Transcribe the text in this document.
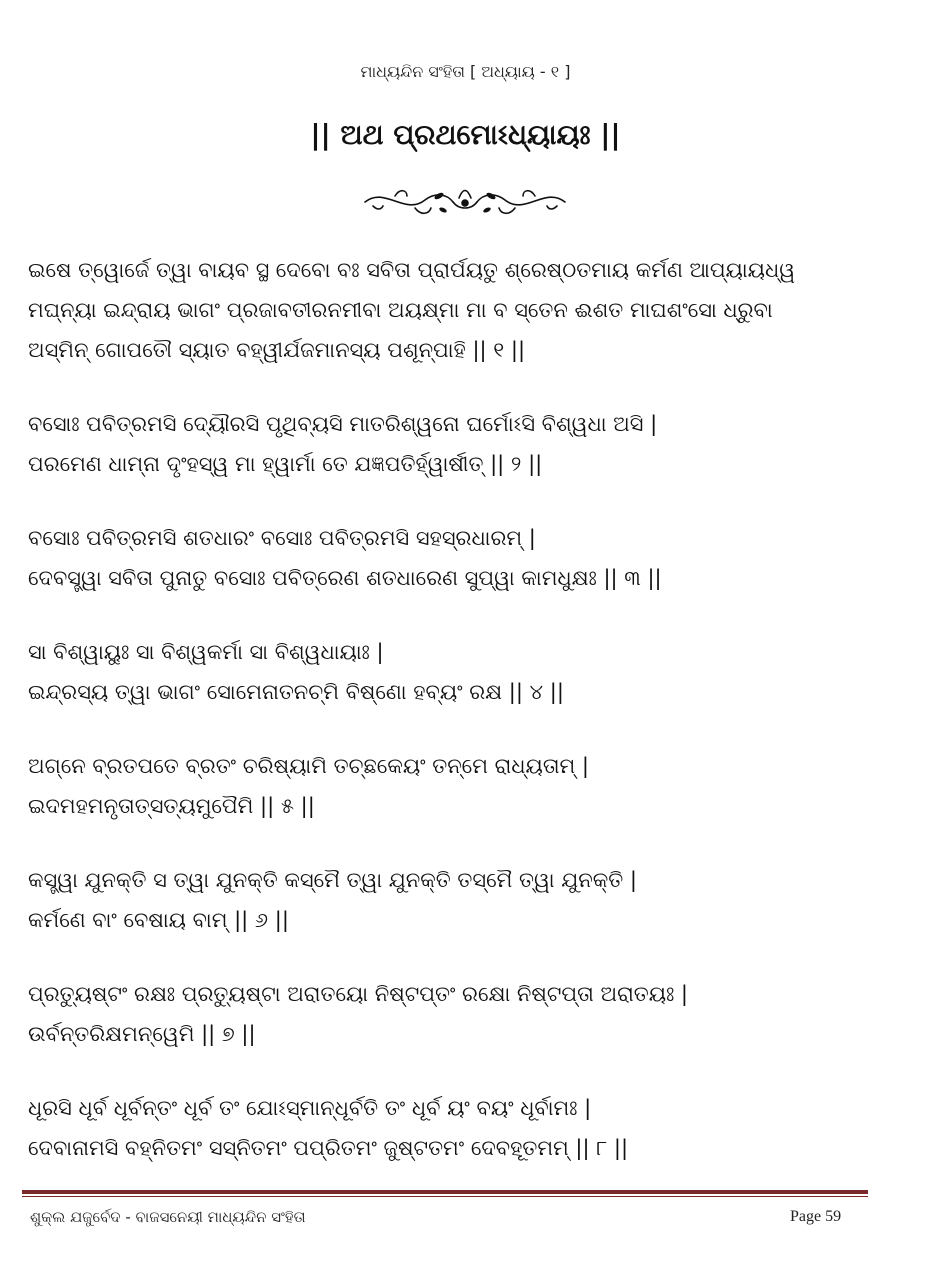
ମାଧ୍ୟନ୍ଦିନ ସଂହିତା [ ଅଧ୍ୟାୟ - ୧ ]
|| ଅଥ ପ୍ରଥମୋଽଧ୍ୟାୟଃ ||
ଇଷେ ତ୍ୱୋର୍ଜେ ତ୍ୱା ବାୟବ ସ୍ଥ ଦେବୋ ବଃ ସବିତା ପ୍ରାର୍ପୟତୁ ଶ୍ରେଷ୍ଠତମାୟ କର୍ମଣ ଆପ୍ୟାୟଧ୍ୱ
ମଘ୍ନ୍ୟା ଇନ୍ଦ୍ରାୟ ଭାଗଂ ପ୍ରଜାବତୀରନମୀବା ଅୟକ୍ଷ୍ମା ମା ବ ସ୍ତେନ ଈଶତ ମାଘଶଂସୋ ଧ୍ରୁବା
ଅସ୍ମିନ୍ ଗୋପତୌ ସ୍ୟାତ ବହ୍ୱୀର୍ଯଜମାନସ୍ୟ ପଶୂନ୍ପାହି || ୧ ||
ବସୋଃ ପବିତ୍ରମସି ଦ୍ୟୌରସି ପୃଥିବ୍ୟସି ମାତରିଶ୍ୱନୋ ଘର୍ମୋଽସି ବିଶ୍ୱଧା ଅସି |
ପରମେଣ ଧାମ୍ନା ଦୃଂହସ୍ୱ ମା ହ୍ୱାର୍ମା ତେ ଯଜ୍ଞପତିର୍ହ୍ୱାର୍ଷୀତ୍ || ୨ ||
ବସୋଃ ପବିତ୍ରମସି ଶତଧାରଂ ବସୋଃ ପବିତ୍ରମସି ସହସ୍ରଧାରମ୍ |
ଦେବସ୍ତ୍ୱା ସବିତା ପୁନାତୁ ବସୋଃ ପବିତ୍ରେଣ ଶତଧାରେଣ ସୁପ୍ୱା କାମଧୁକ୍ଷଃ || ୩ ||
ସା ବିଶ୍ୱାୟୁଃ ସା ବିଶ୍ୱକର୍ମା ସା ବିଶ୍ୱଧାୟାଃ |
ଇନ୍ଦ୍ରସ୍ୟ ତ୍ୱା ଭାଗଂ ସୋମେନାତନଚ୍ମି ବିଷ୍ଣୋ ହବ୍ୟଂ ରକ୍ଷ || ୪ ||
ଅଗ୍ନେ ବ୍ରତପତେ ବ୍ରତଂ ଚରିଷ୍ୟାମି ତଚ୍ଛକେୟଂ ତନ୍ମେ ରାଧ୍ୟତାମ୍ |
ଇଦମହମନୃତାତ୍ସତ୍ୟମୁପୈମି || ୫ ||
କସ୍ତ୍ୱା ଯୁନକ୍ତି ସ ତ୍ୱା ଯୁନକ୍ତି କସ୍ମୈ ତ୍ୱା ଯୁନକ୍ତି ତସ୍ମୈ ତ୍ୱା ଯୁନକ୍ତି |
କର୍ମଣେ ବାଂ ବେଷାୟ ବାମ୍ || ୬ ||
ପ୍ରତ୍ୟୁଷ୍ଟଂ ରକ୍ଷଃ ପ୍ରତ୍ୟୁଷ୍ଟା ଅରାତୟୋ ନିଷ୍ଟପ୍ତଂ ରକ୍ଷୋ ନିଷ୍ଟପ୍ତା ଅରାତୟଃ |
ଉର୍ବନ୍ତରିକ୍ଷମନ୍ୱେମି || ୭ ||
ଧୂରସି ଧୂର୍ବ ଧୂର୍ବନ୍ତଂ ଧୂର୍ବ ତଂ ଯୋଽସ୍ମାନ୍ଧୂର୍ବତି ତଂ ଧୂର୍ବ ୟଂ ବୟଂ ଧୂର୍ବାମଃ |
ଦେବାନାମସି ବହ୍ନିତମଂ ସସ୍ନିତମଂ ପପ୍ରିତମଂ ଜୁଷ୍ଟତମଂ ଦେବହୂତମମ୍ || ୮ ||
ଶୁକ୍ଲ ଯଜୁର୍ବେଦ - ବାଜସନେୟୀ ମାଧ୍ୟନ୍ଦିନ ସଂହିତା	Page 59
